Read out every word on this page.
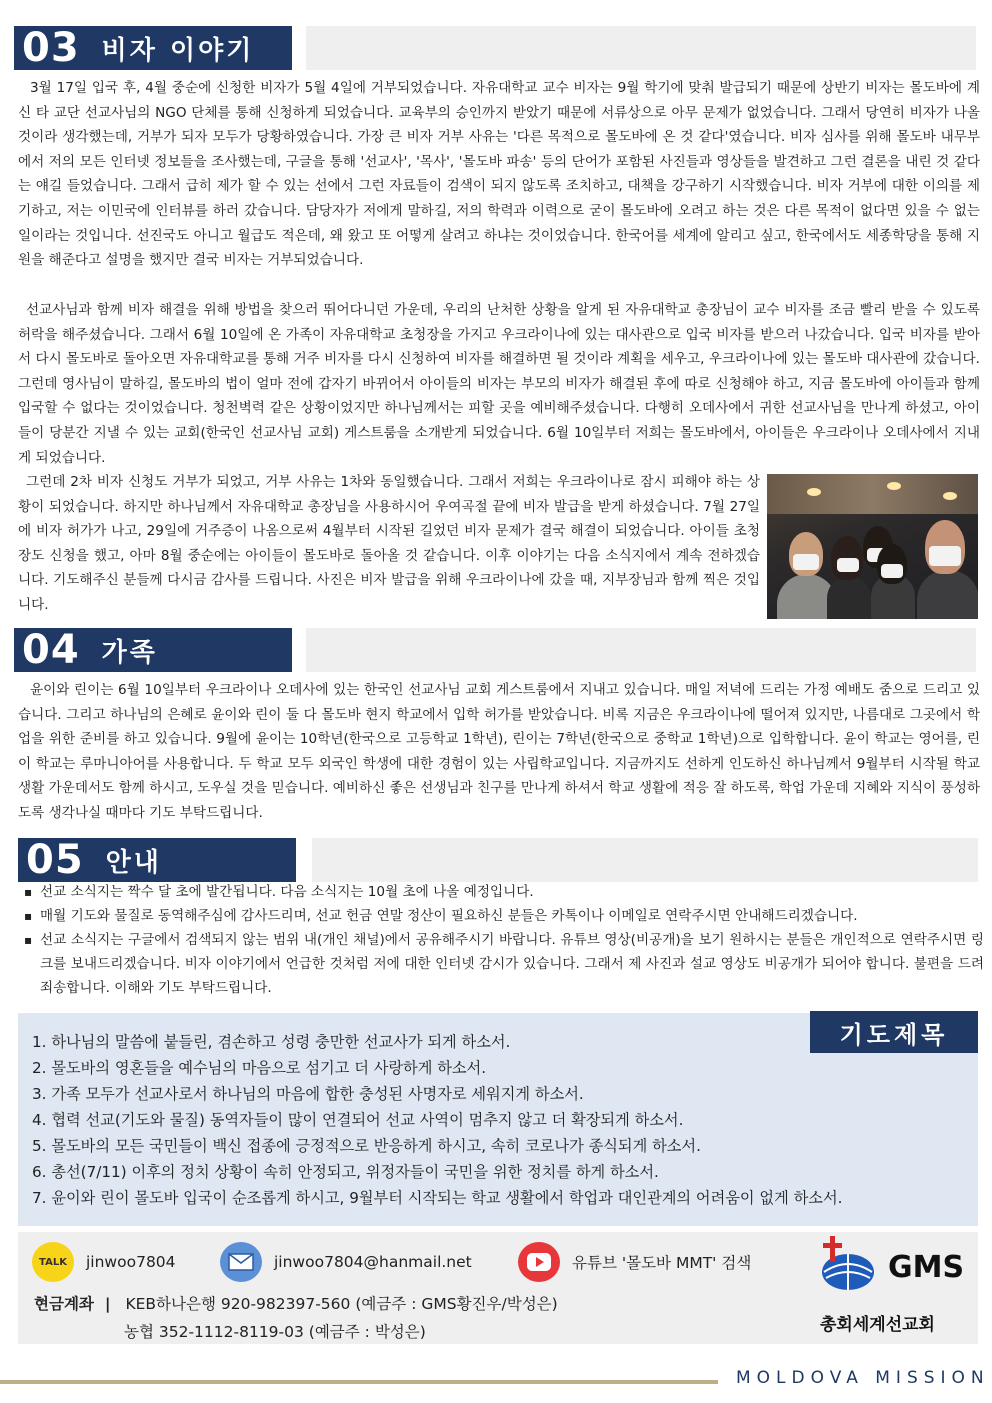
03 비자 이야기

3월 17일 입국 후, 4월 중순에 신청한 비자가 5월 4일에 거부되었습니다. 자유대학교 교수 비자는 9월 학기에 맞춰 발급되기 때문에 상반기 비자는 몰도바에 계신 타 교단 선교사님의 NGO 단체를 통해 신청하게 되었습니다. 교육부의 승인까지 받았기 때문에 서류상으로 아무 문제가 없었습니다. 그래서 당연히 비자가 나올 것이라 생각했는데, 거부가 되자 모두가 당황하였습니다. 가장 큰 비자 거부 사유는 '다른 목적으로 몰도바에 온 것 같다'였습니다. 비자 심사를 위해 몰도바 내무부에서 저의 모든 인터넷 정보들을 조사했는데, 구글을 통해 '선교사', '목사', '몰도바 파송' 등의 단어가 포함된 사진들과 영상들을 발견하고 그런 결론을 내린 것 같다는 얘길 들었습니다. 그래서 급히 제가 할 수 있는 선에서 그런 자료들이 검색이 되지 않도록 조치하고, 대책을 강구하기 시작했습니다. 비자 거부에 대한 이의를 제기하고, 저는 이민국에 인터뷰를 하러 갔습니다. 담당자가 저에게 말하길, 저의 학력과 이력으로 굳이 몰도바에 오려고 하는 것은 다른 목적이 없다면 있을 수 없는 일이라는 것입니다. 선진국도 아니고 월급도 적은데, 왜 왔고 또 어떻게 살려고 하냐는 것이었습니다. 한국어를 세계에 알리고 싶고, 한국에서도 세종학당을 통해 지원을 해준다고 설명을 했지만 결국 비자는 거부되었습니다.

선교사님과 함께 비자 해결을 위해 방법을 찾으러 뛰어다니던 가운데, 우리의 난처한 상황을 알게 된 자유대학교 총장님이 교수 비자를 조금 빨리 받을 수 있도록 허락을 해주셨습니다. 그래서 6월 10일에 온 가족이 자유대학교 초청장을 가지고 우크라이나에 있는 대사관으로 입국 비자를 받으러 나갔습니다. 입국 비자를 받아서 다시 몰도바로 돌아오면 자유대학교를 통해 거주 비자를 다시 신청하여 비자를 해결하면 될 것이라 계획을 세우고, 우크라이나에 있는 몰도바 대사관에 갔습니다. 그런데 영사님이 말하길, 몰도바의 법이 얼마 전에 갑자기 바뀌어서 아이들의 비자는 부모의 비자가 해결된 후에 따로 신청해야 하고, 지금 몰도바에 아이들과 함께 입국할 수 없다는 것이었습니다. 청천벽력 같은 상황이었지만 하나님께서는 피할 곳을 예비해주셨습니다. 다행히 오데사에서 귀한 선교사님을 만나게 하셨고, 아이들이 당분간 지낼 수 있는 교회(한국인 선교사님 교회) 게스트룸을 소개받게 되었습니다. 6월 10일부터 저희는 몰도바에서, 아이들은 우크라이나 오데사에서 지내게 되었습니다.

그런데 2차 비자 신청도 거부가 되었고, 거부 사유는 1차와 동일했습니다. 그래서 저희는 우크라이나로 잠시 피해야 하는 상황이 되었습니다. 하지만 하나님께서 자유대학교 총장님을 사용하시어 우여곡절 끝에 비자 발급을 받게 하셨습니다. 7월 27일에 비자 허가가 나고, 29일에 거주증이 나옴으로써 4월부터 시작된 길었던 비자 문제가 결국 해결이 되었습니다. 아이들 초청장도 신청을 했고, 아마 8월 중순에는 아이들이 몰도바로 돌아올 것 같습니다. 이후 이야기는 다음 소식지에서 계속 전하겠습니다. 기도해주신 분들께 다시금 감사를 드립니다. 사진은 비자 발급을 위해 우크라이나에 갔을 때, 지부장님과 함께 찍은 것입니다.

04 가족

윤이와 린이는 6월 10일부터 우크라이나 오데사에 있는 한국인 선교사님 교회 게스트룸에서 지내고 있습니다. 매일 저녁에 드리는 가정 예배도 줌으로 드리고 있습니다. 그리고 하나님의 은혜로 윤이와 린이 둘 다 몰도바 현지 학교에서 입학 허가를 받았습니다. 비록 지금은 우크라이나에 떨어져 있지만, 나름대로 그곳에서 학업을 위한 준비를 하고 있습니다. 9월에 윤이는 10학년(한국으로 고등학교 1학년), 린이는 7학년(한국으로 중학교 1학년)으로 입학합니다. 윤이 학교는 영어를, 린이 학교는 루마니아어를 사용합니다. 두 학교 모두 외국인 학생에 대한 경험이 있는 사립학교입니다. 지금까지도 선하게 인도하신 하나님께서 9월부터 시작될 학교 생활 가운데서도 함께 하시고, 도우실 것을 믿습니다. 예비하신 좋은 선생님과 친구를 만나게 하셔서 학교 생활에 적응 잘 하도록, 학업 가운데 지혜와 지식이 풍성하도록 생각나실 때마다 기도 부탁드립니다.

05 안내
▪ 선교 소식지는 짝수 달 초에 발간됩니다. 다음 소식지는 10월 초에 나올 예정입니다.
▪ 매월 기도와 물질로 동역해주심에 감사드리며, 선교 헌금 연말 정산이 필요하신 분들은 카톡이나 이메일로 연락주시면 안내해드리겠습니다.
▪ 선교 소식지는 구글에서 검색되지 않는 범위 내(개인 채널)에서 공유해주시기 바랍니다. 유튜브 영상(비공개)을 보기 원하시는 분들은 개인적으로 연락주시면 링크를 보내드리겠습니다. 비자 이야기에서 언급한 것처럼 저에 대한 인터넷 감시가 있습니다. 그래서 제 사진과 설교 영상도 비공개가 되어야 합니다. 불편을 드려 죄송합니다. 이해와 기도 부탁드립니다.
1. 하나님의 말씀에 붙들린, 겸손하고 성령 충만한 선교사가 되게 하소서.
2. 몰도바의 영혼들을 예수님의 마음으로 섬기고 더 사랑하게 하소서.
3. 가족 모두가 선교사로서 하나님의 마음에 합한 충성된 사명자로 세워지게 하소서.
4. 협력 선교(기도와 물질) 동역자들이 많이 연결되어 선교 사역이 멈추지 않고 더 확장되게 하소서.
5. 몰도바의 모든 국민들이 백신 접종에 긍정적으로 반응하게 하시고, 속히 코로나가 종식되게 하소서.
6. 총선(7/11) 이후의 정치 상황이 속히 안정되고, 위정자들이 국민을 위한 정치를 하게 하소서.
7. 윤이와 린이 몰도바 입국이 순조롭게 하시고, 9월부터 시작되는 학교 생활에서 학업과 대인관계의 어려움이 없게 하소서.
기도제목
TALK	jinwoo7804	jinwoo7804@hanmail.net	유튜브 '몰도바 MMT' 검색
현금계좌 | KEB하나은행 920-982397-560 (예금주 : GMS황진우/박성은)
농협 352-1112-8119-03 (예금주 : 박성은)
GMS
총회세계선교회
MOLDOVA MISSION
